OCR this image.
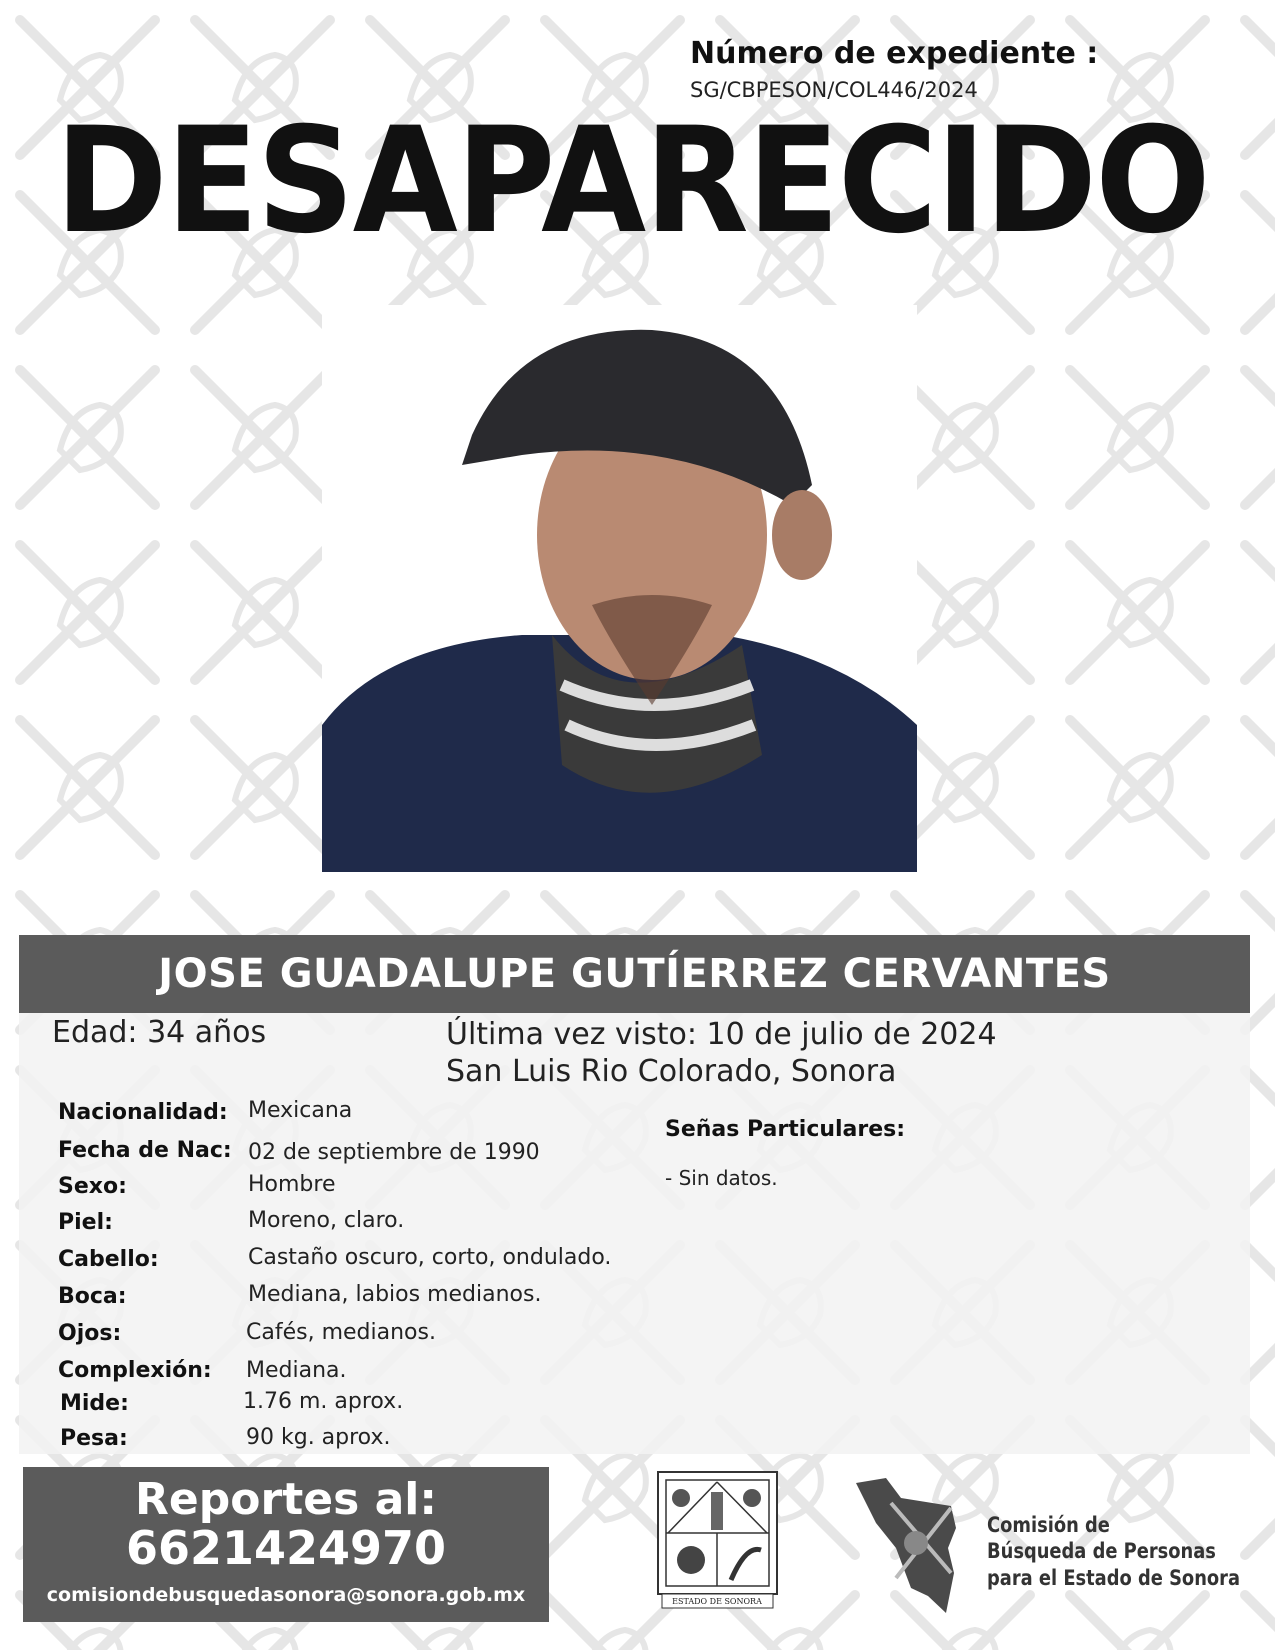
Número de expediente :
SG/CBPESON/COL446/2024
DESAPARECIDO
JOSE GUADALUPE GUTÍERREZ CERVANTES
Edad: 34 años	Última vez visto: 10 de julio de 2024
San Luis Rio Colorado, Sonora
Nacionalidad: Mexicana
Fecha de Nac: 02 de septiembre de 1990
Sexo:	Hombre
Piel:	Moreno, claro.
Cabello:	Castaño oscuro, corto, ondulado.
Boca:	Mediana, labios medianos.
Ojos:	Cafés, medianos.
Complexión: Mediana.
Mide:	1.76 m. aprox.
Pesa:	90 kg. aprox.
Señas Particulares:
- Sin datos.
Reportes al:
6621424970
comisiondebusquedasonora@sonora.gob.mx	ESTADO DE SONORA
Comisión de
Búsqueda de Personas
para el Estado de Sonora
